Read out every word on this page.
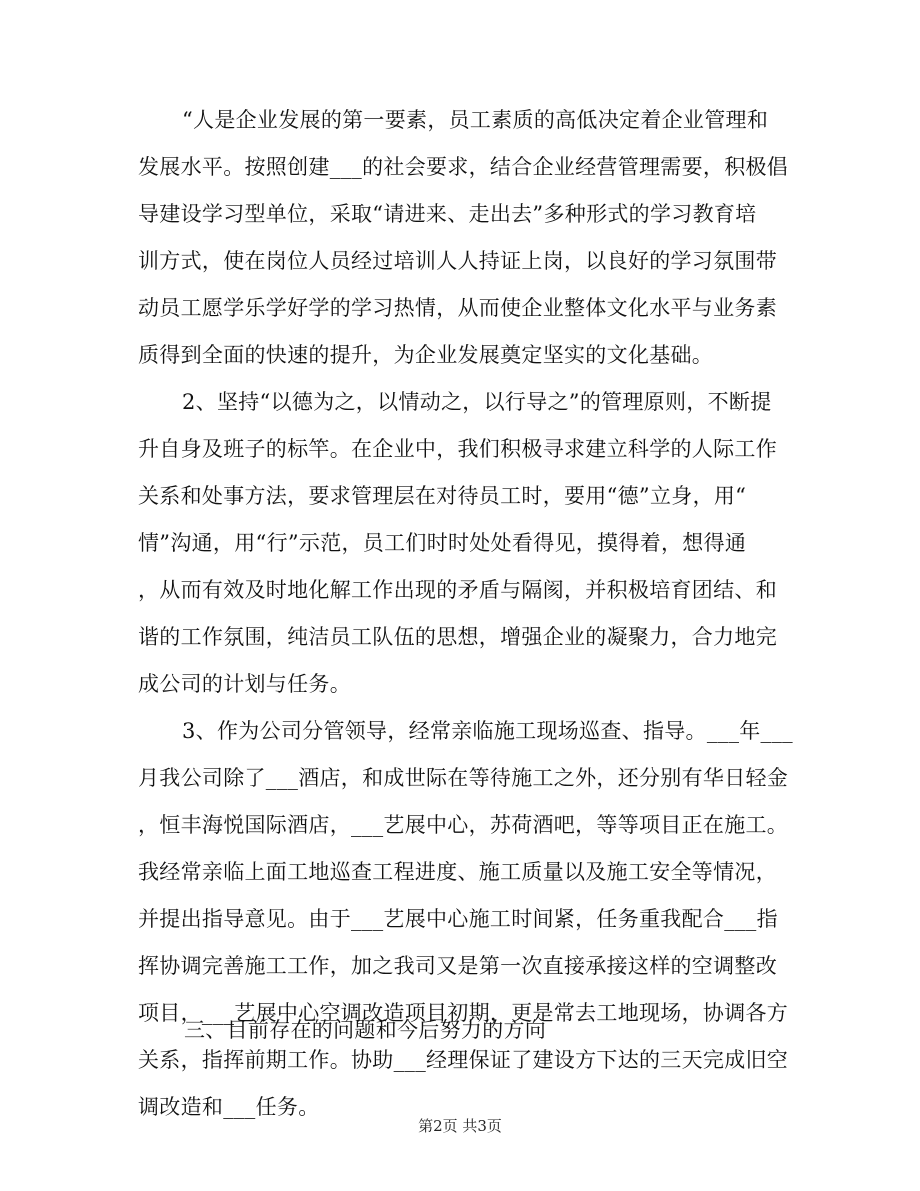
“人是企业发展的第一要素，员工素质的高低决定着企业管理和
发展水平。按照创建___的社会要求，结合企业经营管理需要，积极倡
导建设学习型单位，采取“请进来、走出去”多种形式的学习教育培
训方式，使在岗位人员经过培训人人持证上岗，以良好的学习氛围带
动员工愿学乐学好学的学习热情，从而使企业整体文化水平与业务素
质得到全面的快速的提升，为企业发展奠定坚实的文化基础。
2、坚持“以德为之，以情动之，以行导之”的管理原则，不断提
升自身及班子的标竿。在企业中，我们积极寻求建立科学的人际工作
关系和处事方法，要求管理层在对待员工时，要用“德”立身，用“
情”沟通，用“行”示范，员工们时时处处看得见，摸得着，想得通
，从而有效及时地化解工作出现的矛盾与隔阂，并积极培育团结、和
谐的工作氛围，纯洁员工队伍的思想，增强企业的凝聚力，合力地完
成公司的计划与任务。
3、作为公司分管领导，经常亲临施工现场巡查、指导。___年___
月我公司除了___酒店，和成世际在等待施工之外，还分别有华日轻金
，恒丰海悦国际酒店，___艺展中心，苏荷酒吧，等等项目正在施工。
我经常亲临上面工地巡查工程进度、施工质量以及施工安全等情况，
并提出指导意见。由于___艺展中心施工时间紧，任务重我配合___指
挥协调完善施工工作，加之我司又是第一次直接承接这样的空调整改
项目，___艺展中心空调改造项目初期，更是常去工地现场，协调各方
关系，指挥前期工作。协助___经理保证了建设方下达的三天完成旧空
调改造和___任务。
三、目前存在的问题和今后努力的方向
第2页 共3页
